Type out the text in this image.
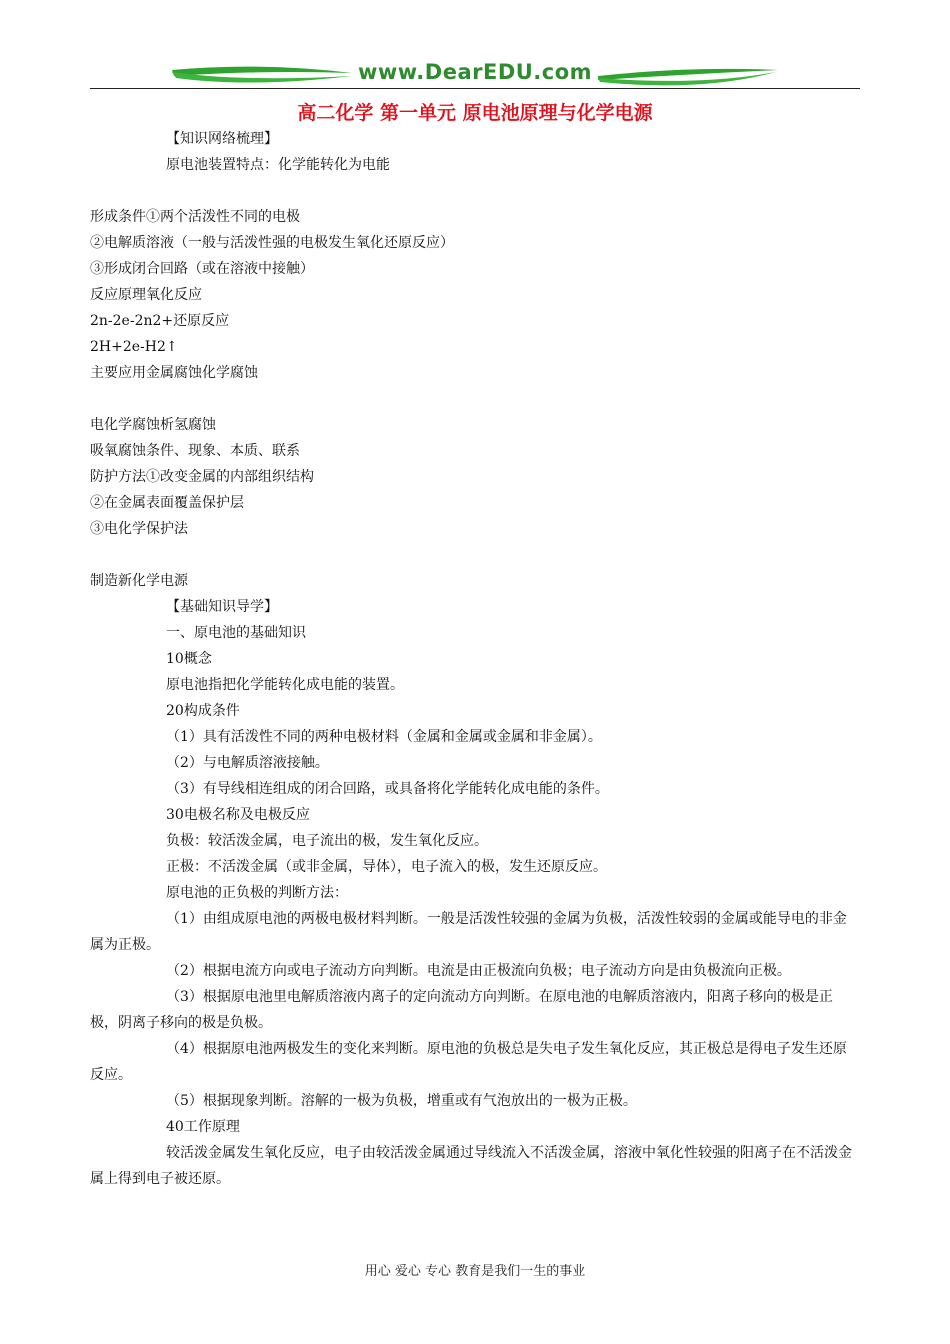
www.DearEDU.com
高二化学 第一单元 原电池原理与化学电源

【知识网络梳理】

原电池装置特点：化学能转化为电能

形成条件①两个活泼性不同的电极

②电解质溶液（一般与活泼性强的电极发生氧化还原反应）

③形成闭合回路（或在溶液中接触）

反应原理氧化反应

2n-2e-2n2+还原反应

2H+2e-H2↑

主要应用金属腐蚀化学腐蚀

电化学腐蚀析氢腐蚀

吸氧腐蚀条件、现象、本质、联系

防护方法①改变金属的内部组织结构

②在金属表面覆盖保护层

③电化学保护法

制造新化学电源

【基础知识导学】

一、原电池的基础知识

10概念

原电池指把化学能转化成电能的装置。

20构成条件

（1）具有活泼性不同的两种电极材料（金属和金属或金属和非金属）。

（2）与电解质溶液接触。

（3）有导线相连组成的闭合回路，或具备将化学能转化成电能的条件。

30电极名称及电极反应

负极：较活泼金属，电子流出的极，发生氧化反应。

正极：不活泼金属（或非金属，导体），电子流入的极，发生还原反应。

原电池的正负极的判断方法：

（1）由组成原电池的两极电极材料判断。一般是活泼性较强的金属为负极，活泼性较弱的金属或能导电的非金属为正极。

（2）根据电流方向或电子流动方向判断。电流是由正极流向负极；电子流动方向是由负极流向正极。

（3）根据原电池里电解质溶液内离子的定向流动方向判断。在原电池的电解质溶液内，阳离子移向的极是正极，阴离子移向的极是负极。

（4）根据原电池两极发生的变化来判断。原电池的负极总是失电子发生氧化反应，其正极总是得电子发生还原反应。

（5）根据现象判断。溶解的一极为负极，增重或有气泡放出的一极为正极。

40工作原理

较活泼金属发生氧化反应，电子由较活泼金属通过导线流入不活泼金属，溶液中氧化性较强的阳离子在不活泼金属上得到电子被还原。

用心 爱心 专心 教育是我们一生的事业
